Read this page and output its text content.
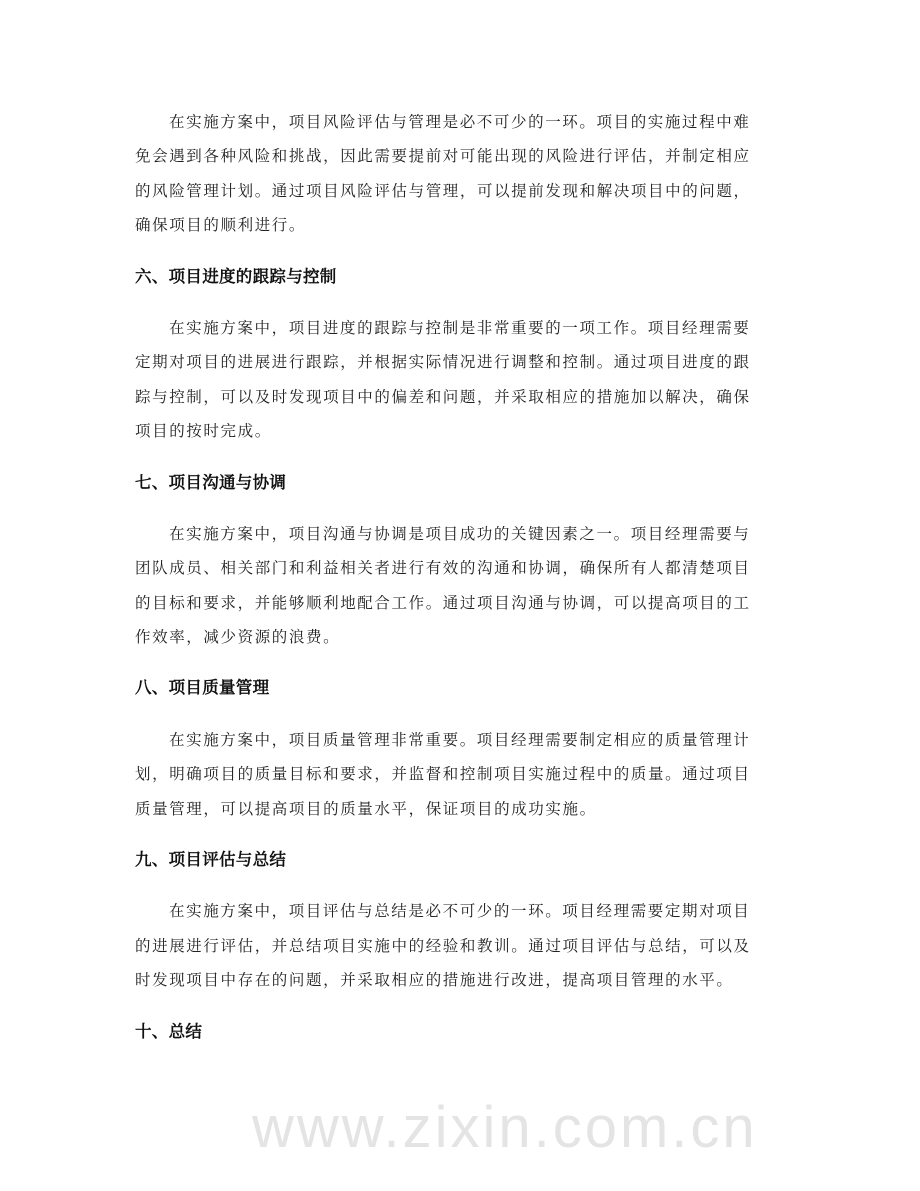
www.zixin.com.cn
在实施方案中，项目风险评估与管理是必不可少的一环。项目的实施过程中难
免会遇到各种风险和挑战，因此需要提前对可能出现的风险进行评估，并制定相应
的风险管理计划。通过项目风险评估与管理，可以提前发现和解决项目中的问题，
确保项目的顺利进行。
六、项目进度的跟踪与控制
在实施方案中，项目进度的跟踪与控制是非常重要的一项工作。项目经理需要
定期对项目的进展进行跟踪，并根据实际情况进行调整和控制。通过项目进度的跟
踪与控制，可以及时发现项目中的偏差和问题，并采取相应的措施加以解决，确保
项目的按时完成。
七、项目沟通与协调
在实施方案中，项目沟通与协调是项目成功的关键因素之一。项目经理需要与
团队成员、相关部门和利益相关者进行有效的沟通和协调，确保所有人都清楚项目
的目标和要求，并能够顺利地配合工作。通过项目沟通与协调，可以提高项目的工
作效率，减少资源的浪费。
八、项目质量管理
在实施方案中，项目质量管理非常重要。项目经理需要制定相应的质量管理计
划，明确项目的质量目标和要求，并监督和控制项目实施过程中的质量。通过项目
质量管理，可以提高项目的质量水平，保证项目的成功实施。
九、项目评估与总结
在实施方案中，项目评估与总结是必不可少的一环。项目经理需要定期对项目
的进展进行评估，并总结项目实施中的经验和教训。通过项目评估与总结，可以及
时发现项目中存在的问题，并采取相应的措施进行改进，提高项目管理的水平。
十、总结
